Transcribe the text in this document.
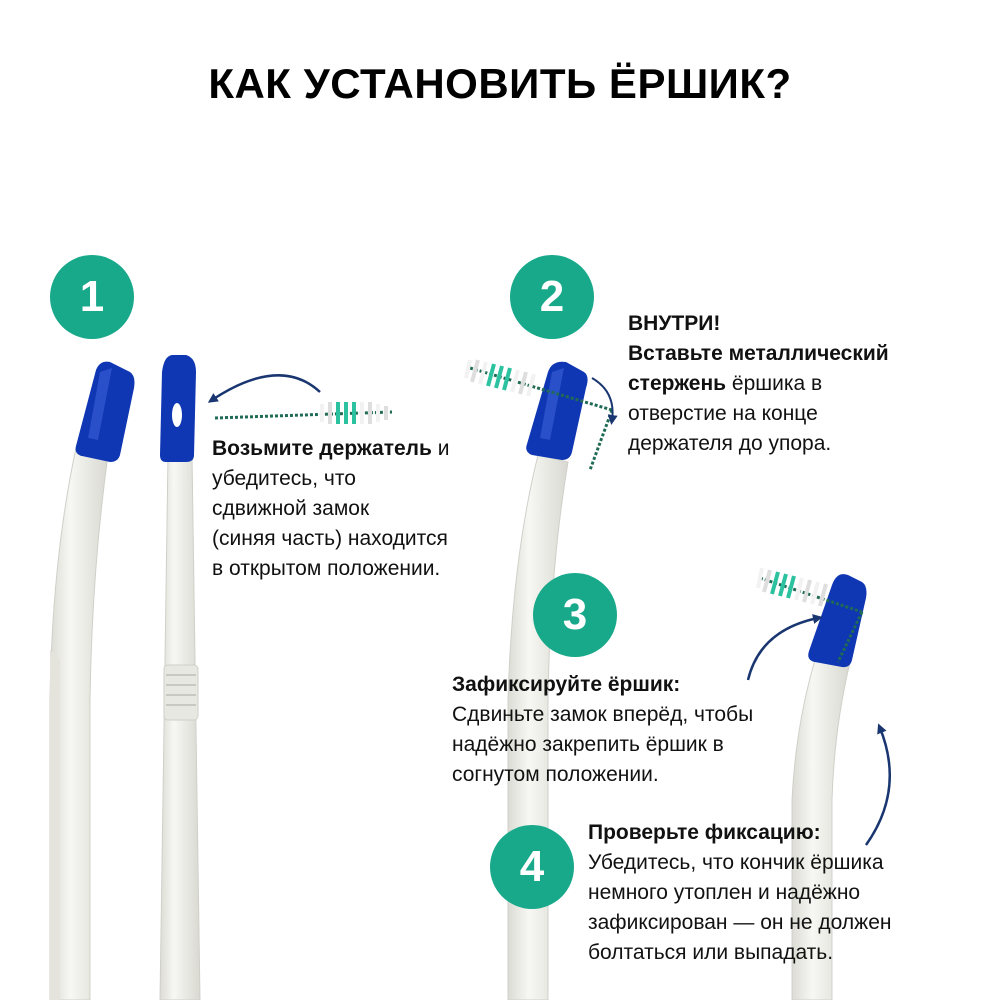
КАК УСТАНОВИТЬ ЁРШИК?
1	2
3
4
Возьмите держатель и
убедитесь, что
сдвижной замок
(синяя часть) находится
в открытом положении.
ВНУТРИ!
Вставьте металлический
стержень ёршика в
отверстие на конце
держателя до упора.
Зафиксируйте ёршик:
Сдвиньте замок вперёд, чтобы
надёжно закрепить ёршик в
согнутом положении.
Проверьте фиксацию:
Убедитесь, что кончик ёршика
немного утоплен и надёжно
зафиксирован — он не должен
болтаться или выпадать.
